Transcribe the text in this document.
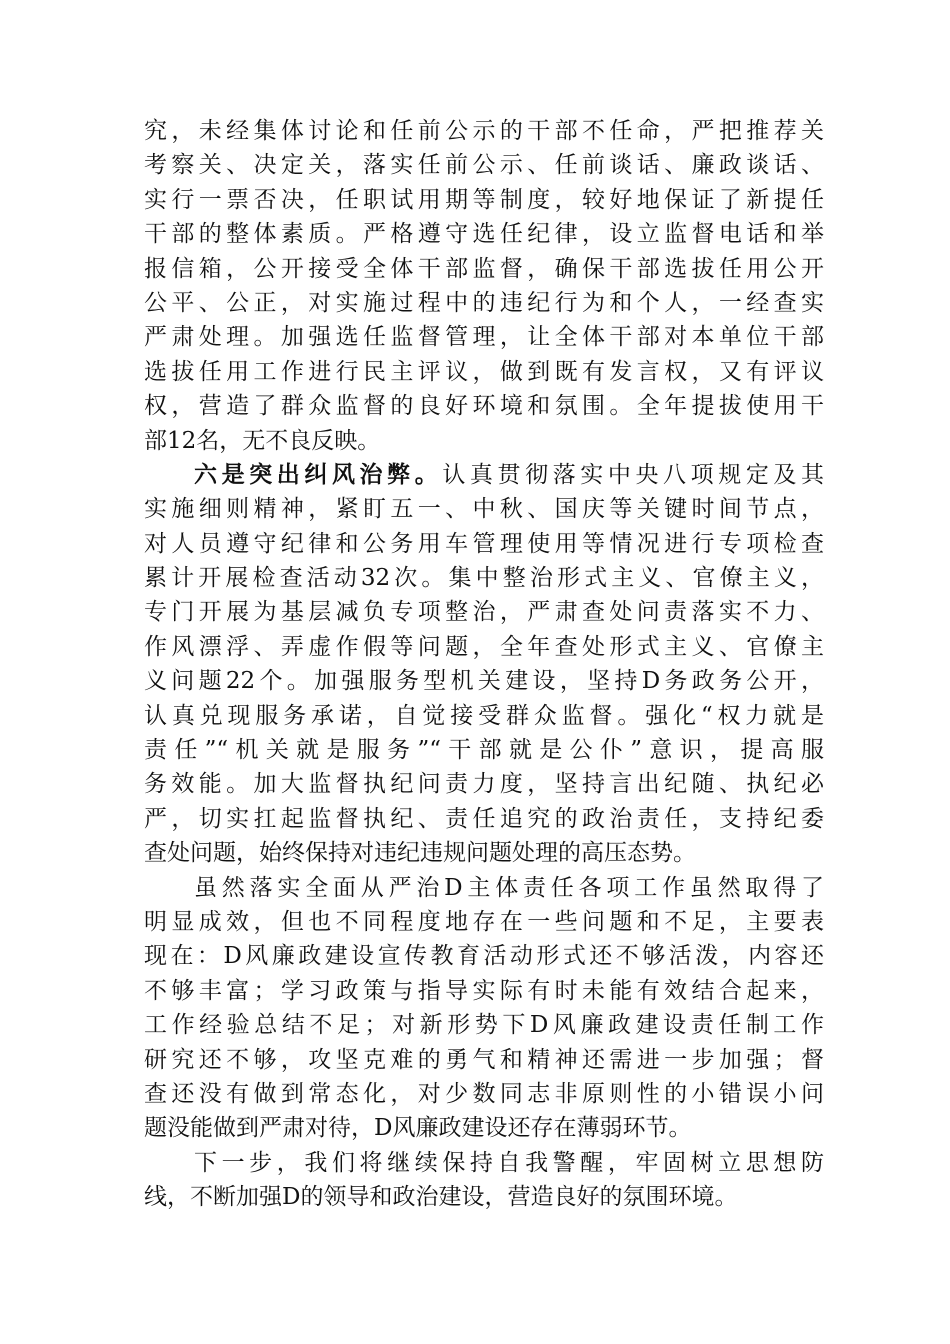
究，未经集体讨论和任前公示的干部不任命，严把推荐关
考察关、决定关，落实任前公示、任前谈话、廉政谈话、
实行一票否决，任职试用期等制度，较好地保证了新提任
干部的整体素质。严格遵守选任纪律，设立监督电话和举
报信箱，公开接受全体干部监督，确保干部选拔任用公开
公平、公正，对实施过程中的违纪行为和个人，一经查实
严肃处理。加强选任监督管理，让全体干部对本单位干部
选拔任用工作进行民主评议，做到既有发言权，又有评议
权，营造了群众监督的良好环境和氛围。全年提拔使用干
部12名，无不良反映。
六是突出纠风治弊。认真贯彻落实中央八项规定及其
实施细则精神，紧盯五一、中秋、国庆等关键时间节点，
对人员遵守纪律和公务用车管理使用等情况进行专项检查
累计开展检查活动32次。集中整治形式主义、官僚主义，
专门开展为基层减负专项整治，严肃查处问责落实不力、
作风漂浮、弄虚作假等问题，全年查处形式主义、官僚主
义问题22个。加强服务型机关建设，坚持D务政务公开，
认真兑现服务承诺，自觉接受群众监督。强化“权力就是
责任”“机关就是服务”“干部就是公仆”意识，提高服
务效能。加大监督执纪问责力度，坚持言出纪随、执纪必
严，切实扛起监督执纪、责任追究的政治责任，支持纪委
查处问题，始终保持对违纪违规问题处理的高压态势。
虽然落实全面从严治D主体责任各项工作虽然取得了
明显成效，但也不同程度地存在一些问题和不足，主要表
现在：D风廉政建设宣传教育活动形式还不够活泼，内容还
不够丰富；学习政策与指导实际有时未能有效结合起来，
工作经验总结不足；对新形势下D风廉政建设责任制工作
研究还不够，攻坚克难的勇气和精神还需进一步加强；督
查还没有做到常态化，对少数同志非原则性的小错误小问
题没能做到严肃对待，D风廉政建设还存在薄弱环节。
下一步，我们将继续保持自我警醒，牢固树立思想防
线，不断加强D的领导和政治建设，营造良好的氛围环境。
